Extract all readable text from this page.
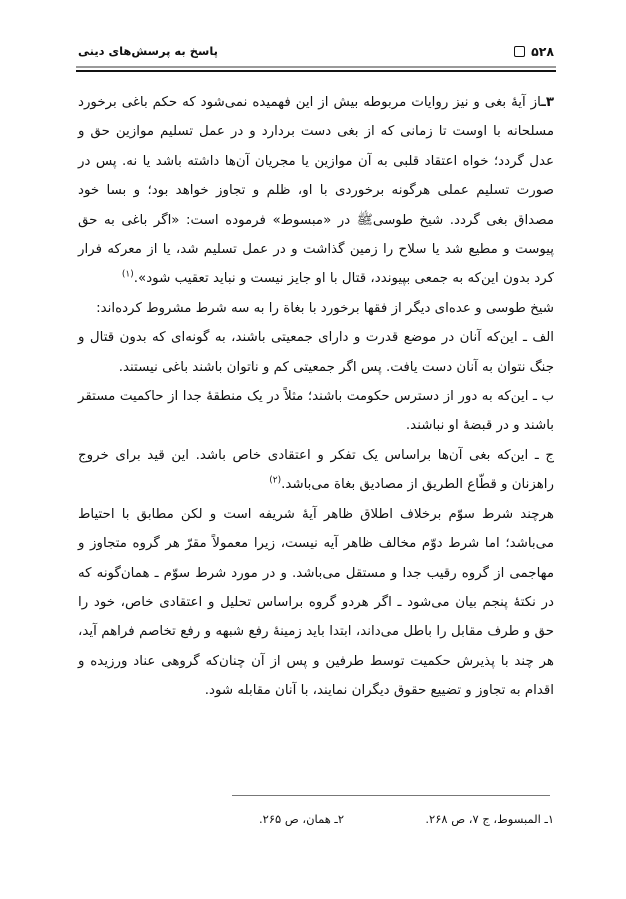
۵۲۸
پاسخ به پرسش‌های دینی

۳ـاز آیهٔ بغی و نیز روایات مربوطه بیش از این فهمیده نمی‌شود که حکم باغی برخورد مسلحانه با اوست تا زمانی که از بغی دست بردارد و در عمل تسلیم موازین حق و عدل گردد؛ خواه اعتقاد قلبی به آن موازین یا مجریان آن‌ها داشته باشد یا نه. پس در صورت تسلیم عملی هرگونه برخوردی با او، ظلم و تجاوز خواهد بود؛ و بسا خود مصداق بغی گردد. شیخ طوسیﷺ در «مبسوط» فرموده است: «اگر باغی به حق پیوست و مطیع شد یا سلاح را زمین گذاشت و در عمل تسلیم شد، یا از معرکه فرار کرد بدون این‌که به جمعی بپیوندد، قتال با او جایز نیست و نباید تعقیب شود».$^{(۱)}$

شیخ طوسی و عده‌ای دیگر از فقها برخورد با بغاة را به سه شرط مشروط کرده‌اند:

الف ـ این‌که آنان در موضع قدرت و دارای جمعیتی باشند، به گونه‌ای که بدون قتال و جنگ نتوان به آنان دست یافت. پس اگر جمعیتی کم و ناتوان باشند باغی نیستند.

ب ـ این‌که به دور از دسترس حکومت باشند؛ مثلاً در یک منطقهٔ جدا از حاکمیت مستقر باشند و در قبضهٔ او نباشند.

ج ـ این‌که بغی آن‌ها براساس یک تفکر و اعتقادی خاص باشد. این قید برای خروج راهزنان و قطّاع الطریق از مصادیق بغاة می‌باشد.$^{(۲)}$

هرچند شرط سوّم برخلاف اطلاق ظاهر آیهٔ شریفه است و لکن مطابق با احتیاط می‌باشد؛ اما شرط دوّم مخالف ظاهر آیه نیست، زیرا معمولاً مقرّ هر گروه متجاوز و مهاجمی از گروه رقیب جدا و مستقل می‌باشد. و در مورد شرط سوّم ـ همان‌گونه که در نکتهٔ پنجم بیان می‌شود ـ اگر هردو گروه براساس تحلیل و اعتقادی خاص، خود را حق و طرف مقابل را باطل می‌داند، ابتدا باید زمینهٔ رفع شبهه و رفع تخاصم فراهم آید، هر چند با پذیرش حکمیت توسط طرفین و پس از آن چنان‌که گروهی عناد ورزیده و اقدام به تجاوز و تضییع حقوق دیگران نمایند، با آنان مقابله شود.

۱ـ المبسوط، ج ۷، ص ۲۶۸.
۲ـ همان، ص ۲۶۵.
